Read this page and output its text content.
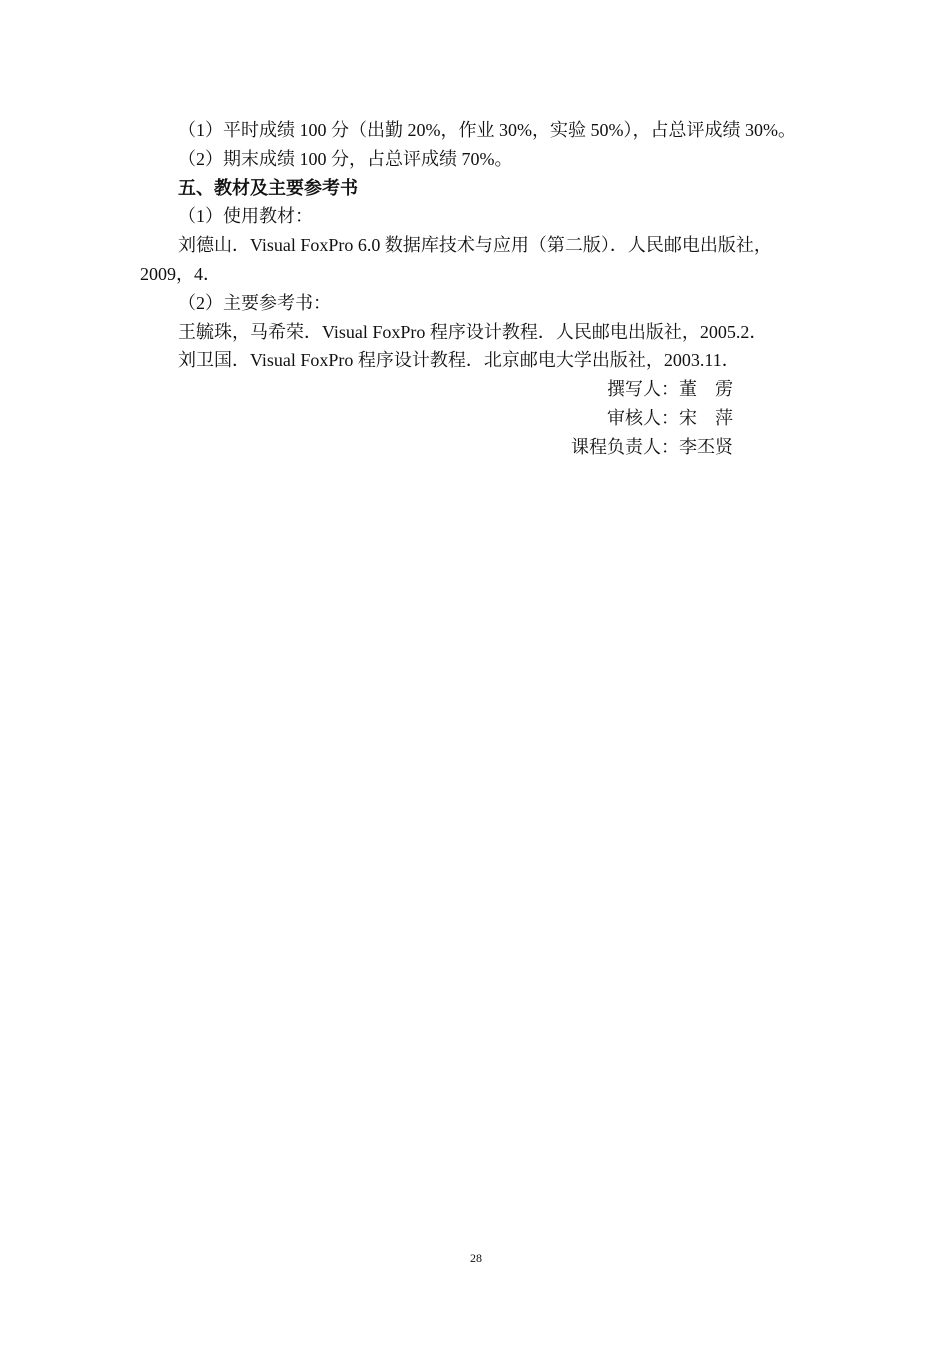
（1）平时成绩 100 分（出勤 20%，作业 30%，实验 50%），占总评成绩 30%。
（2）期末成绩 100 分，占总评成绩 70%。
五、教材及主要参考书
（1）使用教材：
刘德山．Visual FoxPro 6.0 数据库技术与应用（第二版）．人民邮电出版社，
2009，4．
（2）主要参考书：
王毓珠，马希荣．Visual FoxPro 程序设计教程．人民邮电出版社，2005.2．
刘卫国．Visual FoxPro 程序设计教程．北京邮电大学出版社，2003.11．
撰写人：董　雳
审核人：宋　萍
课程负责人：李丕贤
28
